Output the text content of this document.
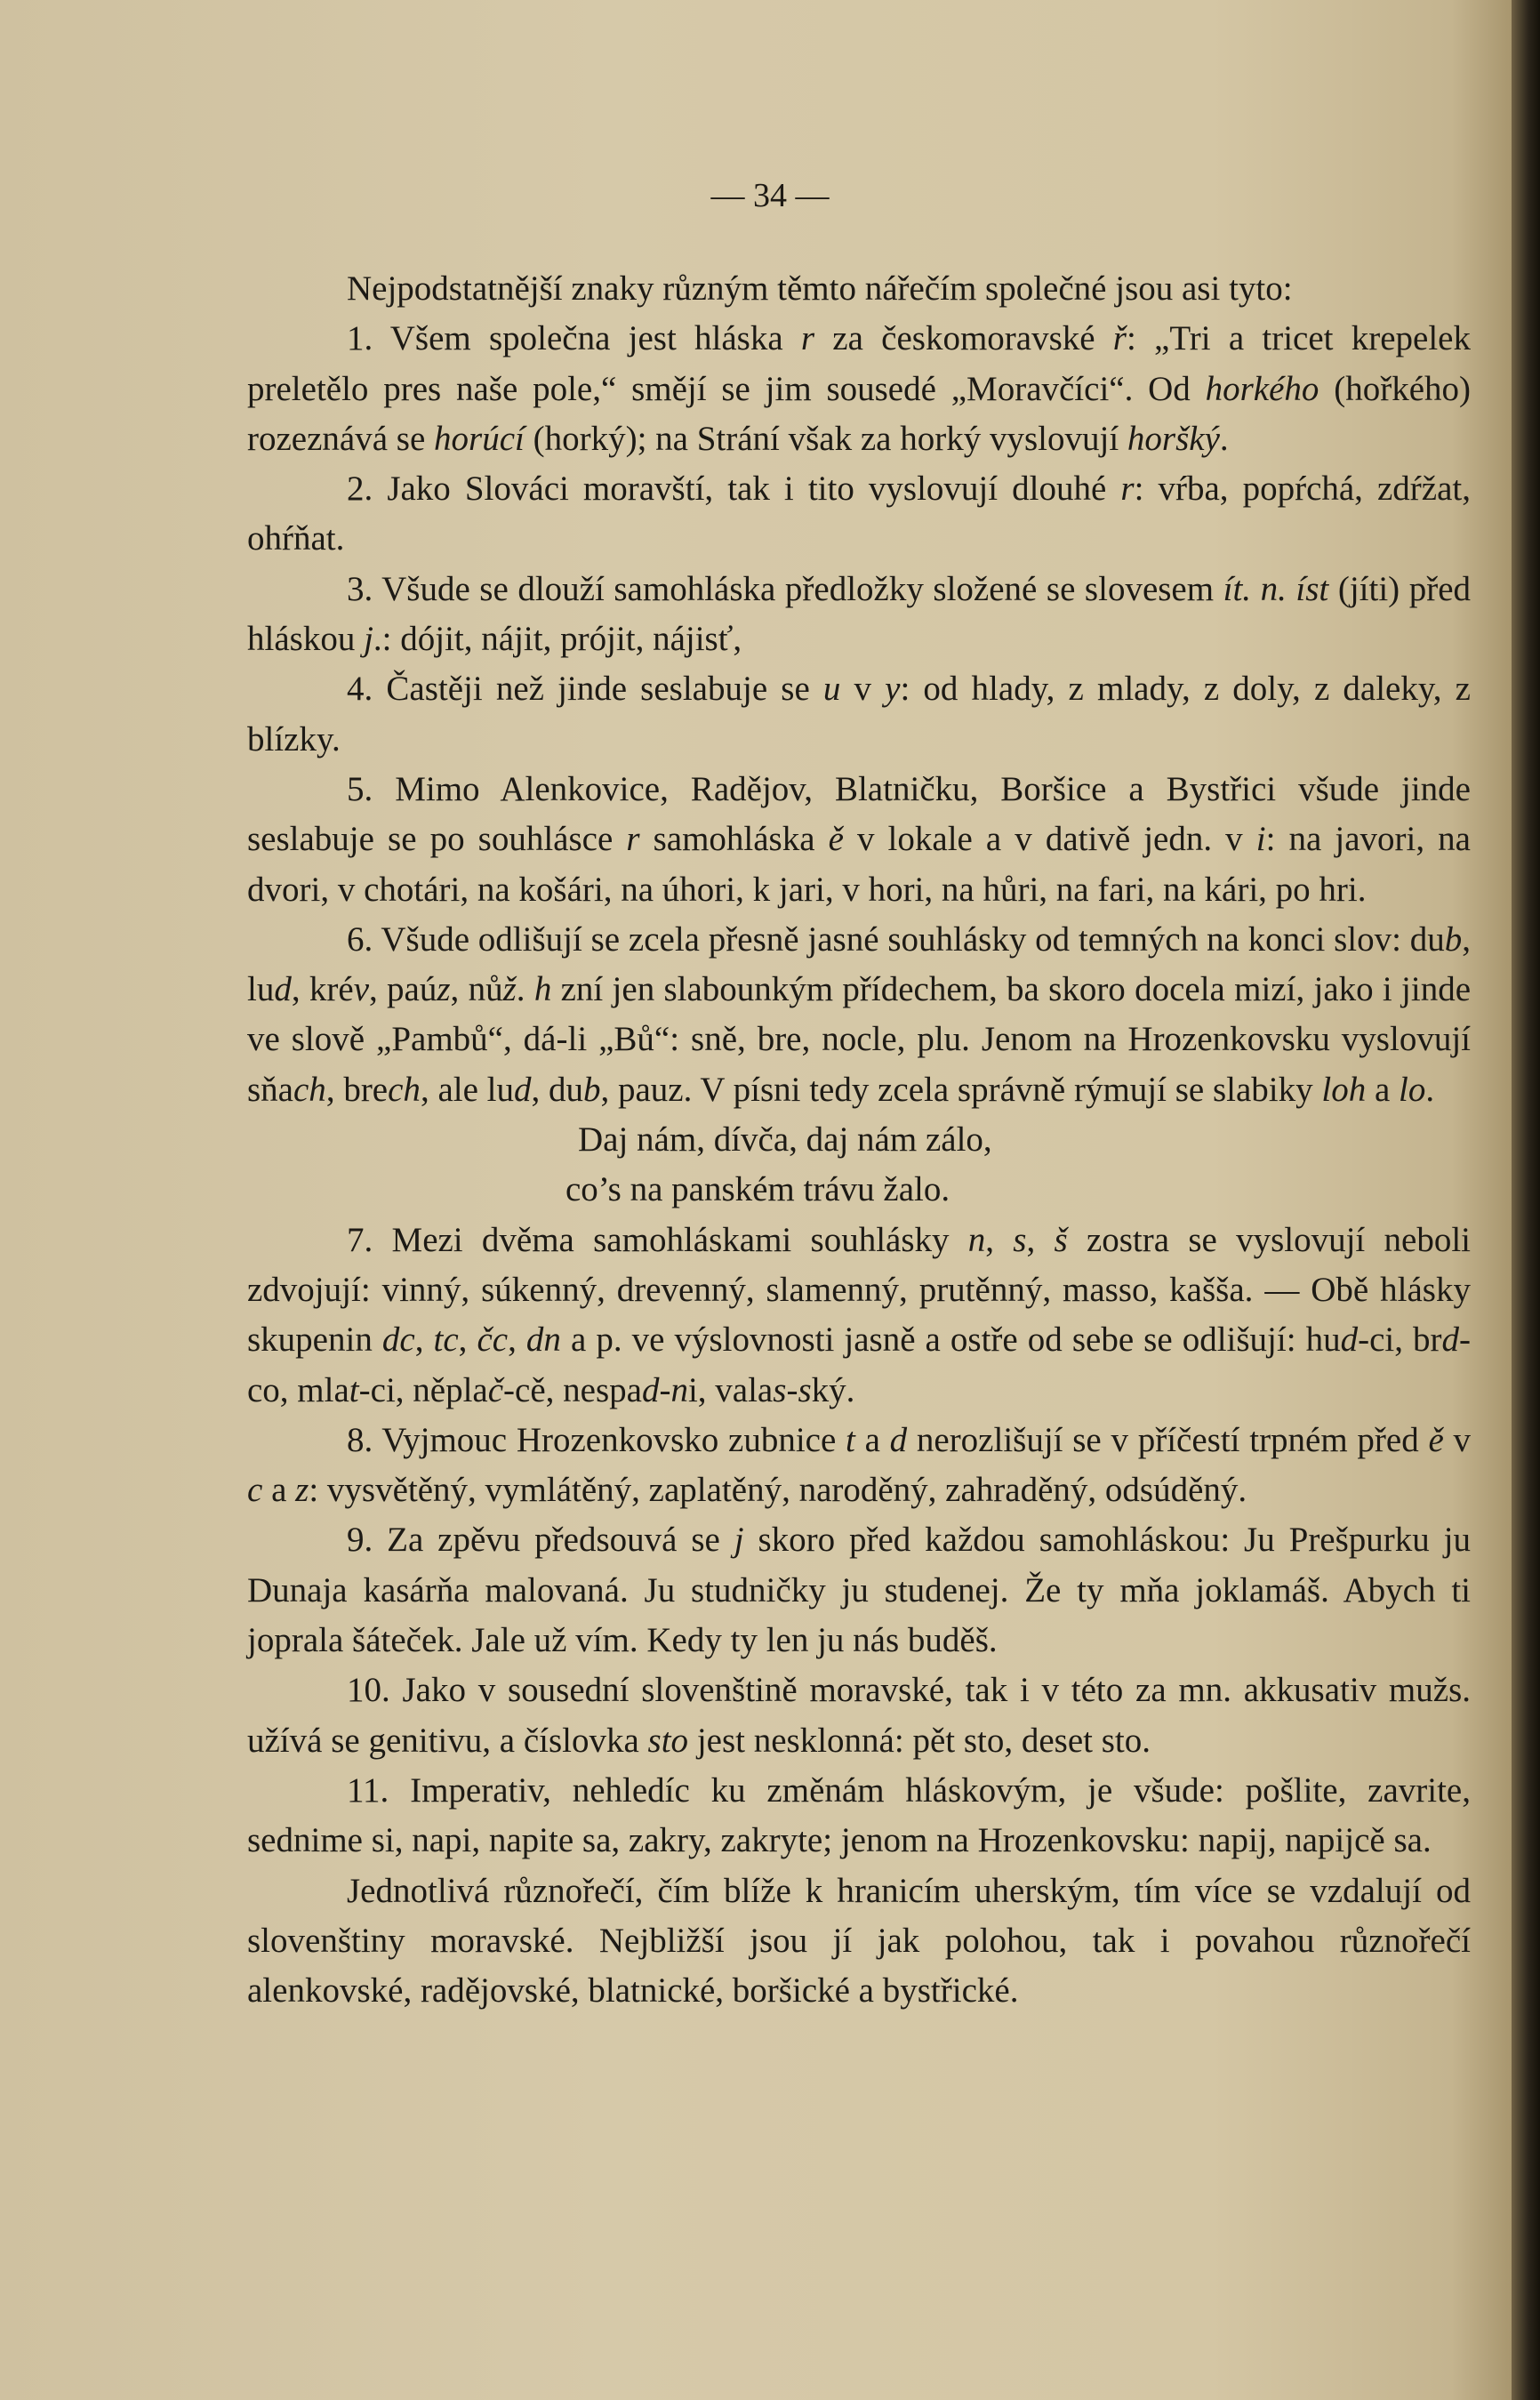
— 34 —

Nejpodstatnější znaky různým těmto nářečím společné jsou asi tyto:

1. Všem společna jest hláska r za českomoravské ř: „Tri a tricet krepelek preletělo pres naše pole,“ smějí se jim sousedé „Moravčíci“. Od horkého (hořkého) rozeznává se horúcí (horký); na Strání však za horký vyslovují horšký.

2. Jako Slováci moravští, tak i tito vyslovují dlouhé r: vŕba, popŕchá, zdŕžat, ohŕňat.

3. Všude se dlouží samohláska předložky složené se slovesem ít. n. íst (jíti) před hláskou j.: dójit, nájit, prójit, nájisť,

4. Častěji než jinde seslabuje se u v y: od hlady, z mlady, z doly, z daleky, z blízky.

5. Mimo Alenkovice, Radějov, Blatničku, Boršice a Bystřici všude jinde seslabuje se po souhlásce r samohláska ě v lokale a v dativě jedn. v i: na javori, na dvori, v chotári, na košári, na úhori, k jari, v hori, na hůri, na fari, na kári, po hri.

6. Všude odlišují se zcela přesně jasné souhlásky od temných na konci slov: dub, lud, krév, paúz, nůž. h zní jen slabounkým přídechem, ba skoro docela mizí, jako i jinde ve slově „Pambů“, dá-li „Bů“: sně, bre, nocle, plu. Jenom na Hrozenkovsku vyslovují sňach, brech, ale lud, dub, pauz. V písni tedy zcela správně rýmují se slabiky loh a lo.

Daj nám, dívča, daj nám zálo,

co’s na panském trávu žalo.

7. Mezi dvěma samohláskami souhlásky n, s, š zostra se vyslovují neboli zdvojují: vinný, súkenný, drevenný, slamenný, prutěnný, masso, kašša. — Obě hlásky skupenin dc, tc, čc, dn a p. ve výslovnosti jasně a ostře od sebe se odlišují: hud-ci, brd-co, mlat-ci, něplač-cě, nespad-ni, valas-ský.

8. Vyjmouc Hrozenkovsko zubnice t a d nerozlišují se v příčestí trpném před ě v c a z: vysvětěný, vymlátěný, zaplatěný, naroděný, zahraděný, odsúděný.

9. Za zpěvu předsouvá se j skoro před každou samohláskou: Ju Prešpurku ju Dunaja kasárňa malovaná. Ju studničky ju studenej. Že ty mňa joklamáš. Abych ti joprala šáteček. Jale už vím. Kedy ty len ju nás buděš.

10. Jako v sousední slovenštině moravské, tak i v této za mn. akkusativ mužs. užívá se genitivu, a číslovka sto jest nesklonná: pět sto, deset sto.

11. Imperativ, nehledíc ku změnám hláskovým, je všude: pošlite, zavrite, sednime si, napi, napite sa, zakry, zakryte; jenom na Hrozenkovsku: napij, napijcě sa.

Jednotlivá různořečí, čím blíže k hranicím uherským, tím více se vzdalují od slovenštiny moravské. Nejbližší jsou jí jak polohou, tak i povahou různořečí alenkovské, radějovské, blatnické, boršické a bystřické.
